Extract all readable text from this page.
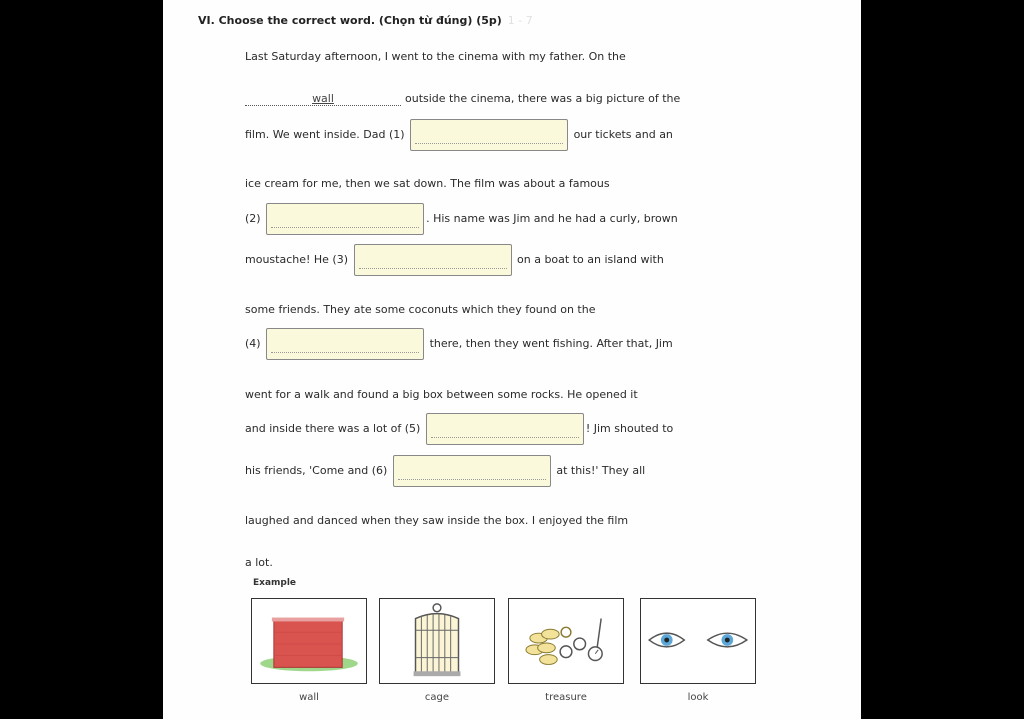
VI. Choose the correct word. (Chọn từ đúng) (5p) 1 - 7
Last Saturday afternoon, I went to the cinema with my father. On the
wall	outside the cinema, there was a big picture of the
film. We went inside. Dad (1)	our tickets and an
ice cream for me, then we sat down. The film was about a famous
(2)	. His name was Jim and he had a curly, brown
moustache! He (3)	on a boat to an island with
some friends. They ate some coconuts which they found on the
(4)	there, then they went fishing. After that, Jim
went for a walk and found a big box between some rocks. He opened it
and inside there was a lot of (5)	! Jim shouted to
his friends, 'Come and (6)	at this!' They all
laughed and danced when they saw inside the box. I enjoyed the film
a lot.
Example
wall	cage	treasure	look
